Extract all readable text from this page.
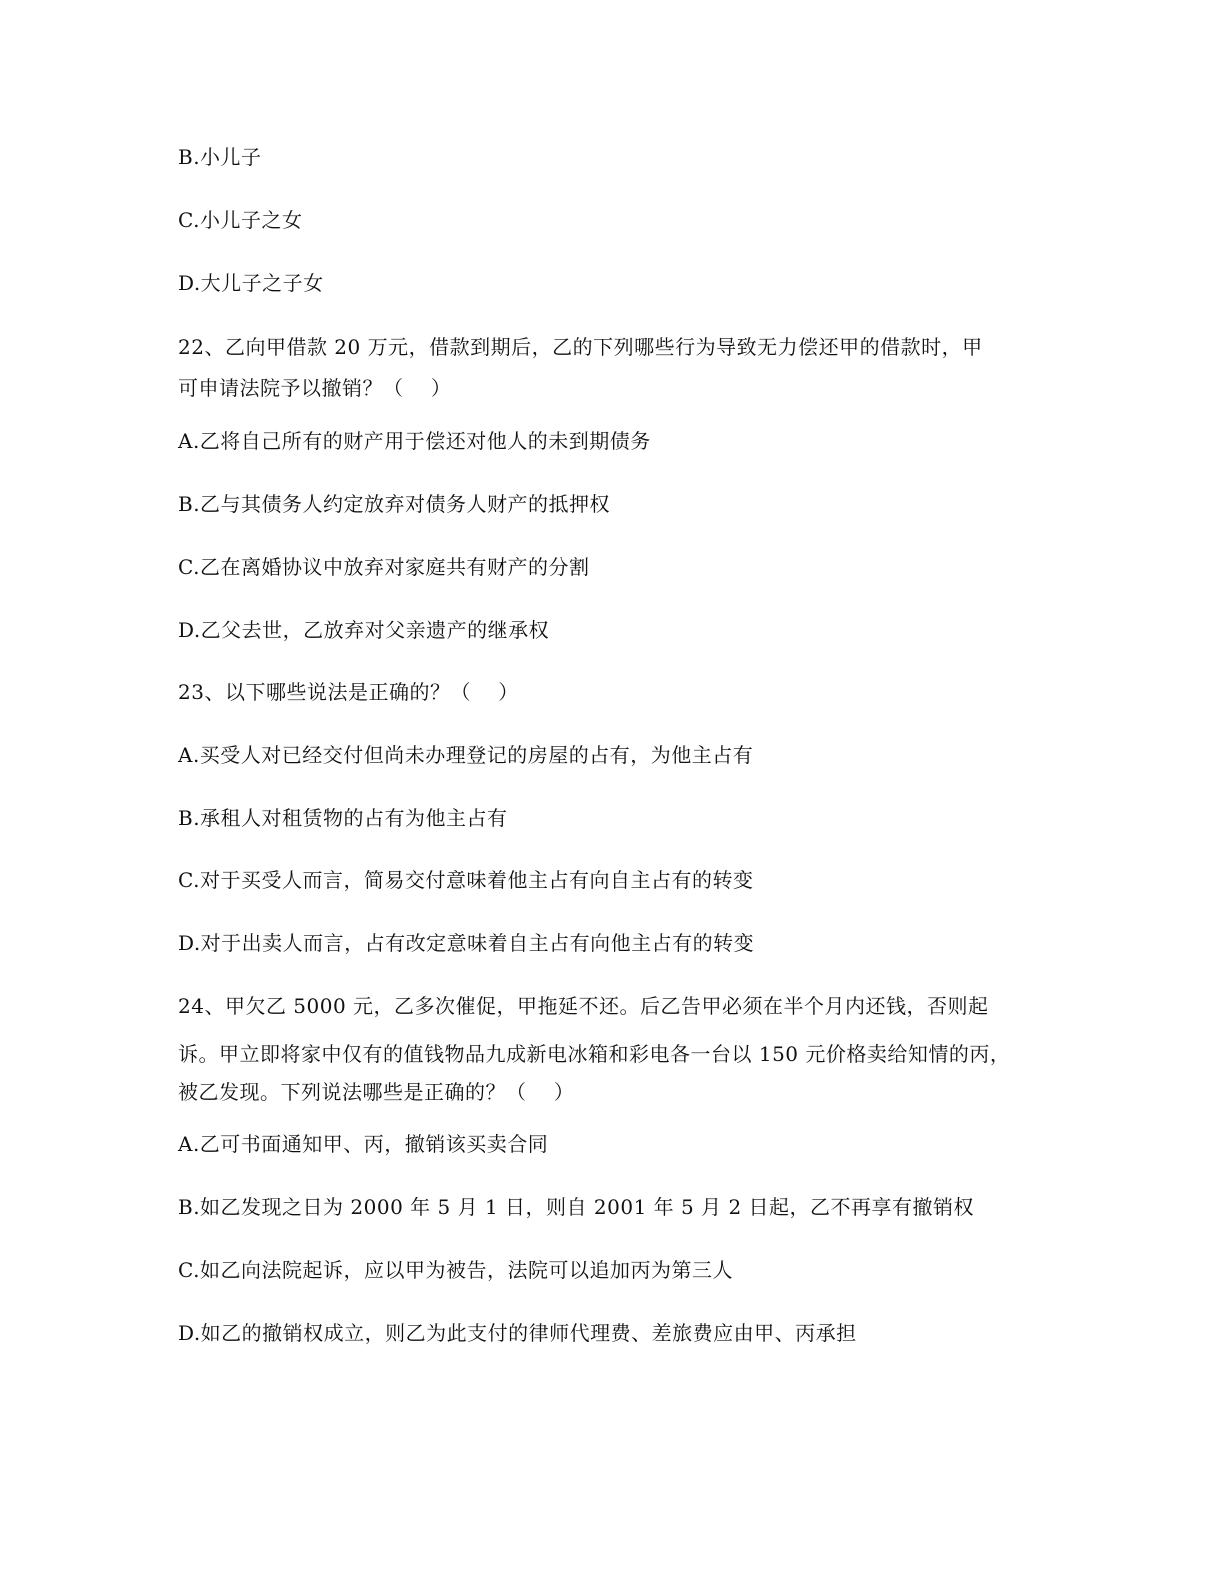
B.小儿子
C.小儿子之女
D.大儿子之子女
22、乙向甲借款 20 万元，借款到期后，乙的下列哪些行为导致无力偿还甲的借款时，甲
可申请法院予以撤销？（　 ）
A.乙将自己所有的财产用于偿还对他人的未到期债务
B.乙与其债务人约定放弃对债务人财产的抵押权
C.乙在离婚协议中放弃对家庭共有财产的分割
D.乙父去世，乙放弃对父亲遗产的继承权
23、以下哪些说法是正确的？（　 ）
A.买受人对已经交付但尚未办理登记的房屋的占有，为他主占有
B.承租人对租赁物的占有为他主占有
C.对于买受人而言，简易交付意味着他主占有向自主占有的转变
D.对于出卖人而言，占有改定意味着自主占有向他主占有的转变
24、甲欠乙 5000 元，乙多次催促，甲拖延不还。后乙告甲必须在半个月内还钱，否则起
诉。甲立即将家中仅有的值钱物品九成新电冰箱和彩电各一台以 150 元价格卖给知情的丙，
被乙发现。下列说法哪些是正确的？（　 ）
A.乙可书面通知甲、丙，撤销该买卖合同
B.如乙发现之日为 2000 年 5 月 1 日，则自 2001 年 5 月 2 日起，乙不再享有撤销权
C.如乙向法院起诉，应以甲为被告，法院可以追加丙为第三人
D.如乙的撤销权成立，则乙为此支付的律师代理费、差旅费应由甲、丙承担
